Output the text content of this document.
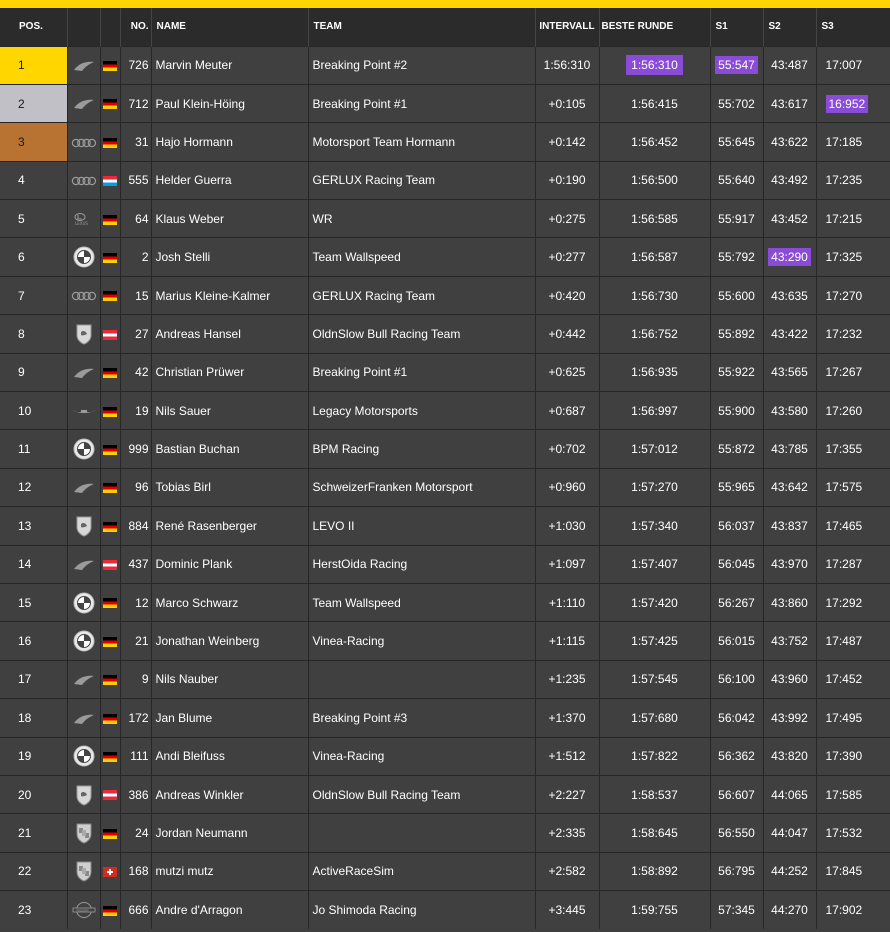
POS.			NO.	NAME	TEAM	INTERVALL	BESTE RUNDE	S1	S2	S3
1			726	Marvin Meuter	Breaking Point #2	1:56:310	1:56:310	55:547	43:487	17:007
2			712	Paul Klein-Höing	Breaking Point #1	+0:105	1:56:415	55:702	43:617	16:952
3			31	Hajo Hormann	Motorsport Team Hormann	+0:142	1:56:452	55:645	43:622	17:185
4			555	Helder Guerra	GERLUX Racing Team	+0:190	1:56:500	55:640	43:492	17:235
5	LEXUS		64	Klaus Weber	WR	+0:275	1:56:585	55:917	43:452	17:215
6			2	Josh Stelli	Team Wallspeed	+0:277	1:56:587	55:792	43:290	17:325
7			15	Marius Kleine-Kalmer	GERLUX Racing Team	+0:420	1:56:730	55:600	43:635	17:270
8			27	Andreas Hansel	OldnSlow Bull Racing Team	+0:442	1:56:752	55:892	43:422	17:232
9			42	Christian Prüwer	Breaking Point #1	+0:625	1:56:935	55:922	43:565	17:267
10			19	Nils Sauer	Legacy Motorsports	+0:687	1:56:997	55:900	43:580	17:260
11			999	Bastian Buchan	BPM Racing	+0:702	1:57:012	55:872	43:785	17:355
12			96	Tobias Birl	SchweizerFranken Motorsport	+0:960	1:57:270	55:965	43:642	17:575
13			884	René Rasenberger	LEVO II	+1:030	1:57:340	56:037	43:837	17:465
14			437	Dominic Plank	HerstOida Racing	+1:097	1:57:407	56:045	43:970	17:287
15			12	Marco Schwarz	Team Wallspeed	+1:110	1:57:420	56:267	43:860	17:292
16			21	Jonathan Weinberg	Vinea-Racing	+1:115	1:57:425	56:015	43:752	17:487
17			9	Nils Nauber		+1:235	1:57:545	56:100	43:960	17:452
18			172	Jan Blume	Breaking Point #3	+1:370	1:57:680	56:042	43:992	17:495
19			111	Andi Bleifuss	Vinea-Racing	+1:512	1:57:822	56:362	43:820	17:390
20			386	Andreas Winkler	OldnSlow Bull Racing Team	+2:227	1:58:537	56:607	44:065	17:585
21			24	Jordan Neumann		+2:335	1:58:645	56:550	44:047	17:532
22			168	mutzi mutz	ActiveRaceSim	+2:582	1:58:892	56:795	44:252	17:845
23	NISSAN		666	Andre d'Arragon	Jo Shimoda Racing	+3:445	1:59:755	57:345	44:270	17:902
